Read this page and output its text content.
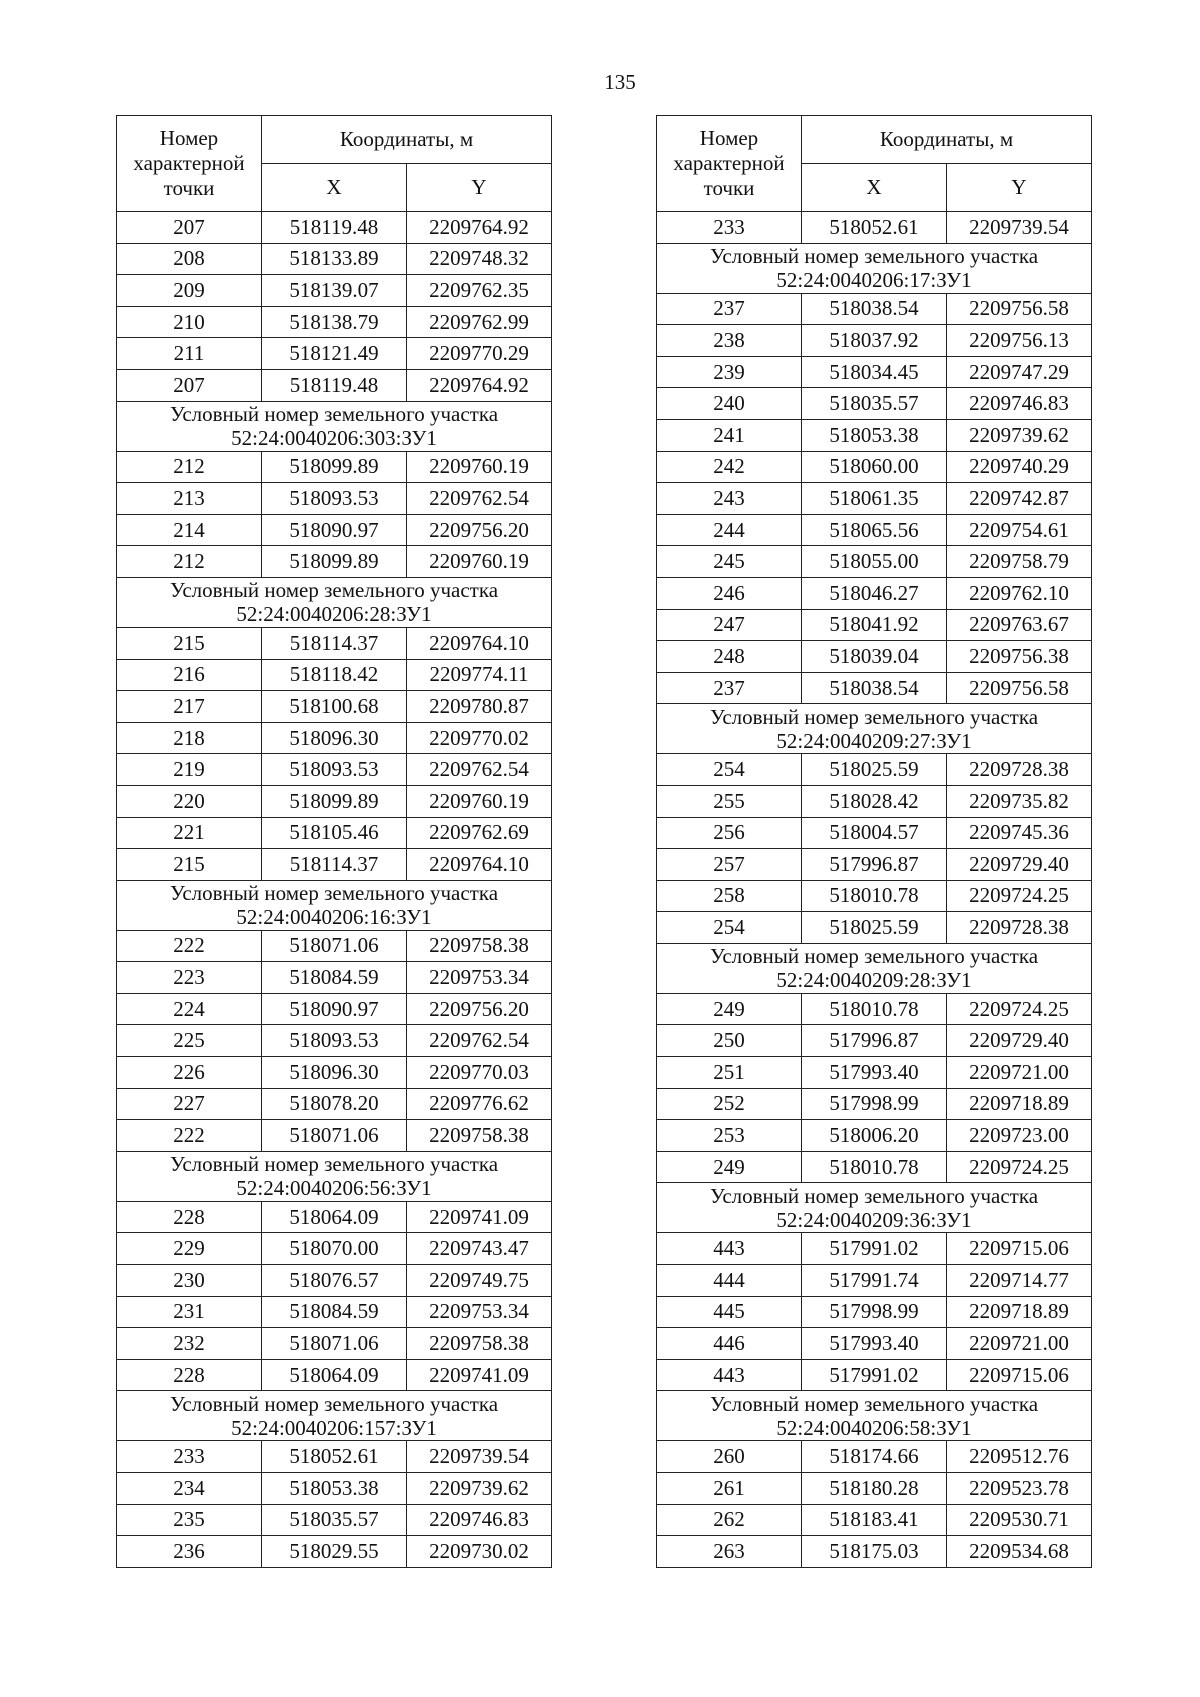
135
Номер характерной точки	Координаты, м	
	X	Y
207	518119.48	2209764.92
208	518133.89	2209748.32
209	518139.07	2209762.35
210	518138.79	2209762.99
211	518121.49	2209770.29
207	518119.48	2209764.92
Условный номер земельного участка
52:24:0040206:303:ЗУ1		
212	518099.89	2209760.19
213	518093.53	2209762.54
214	518090.97	2209756.20
212	518099.89	2209760.19
Условный номер земельного участка
52:24:0040206:28:ЗУ1		
215	518114.37	2209764.10
216	518118.42	2209774.11
217	518100.68	2209780.87
218	518096.30	2209770.02
219	518093.53	2209762.54
220	518099.89	2209760.19
221	518105.46	2209762.69
215	518114.37	2209764.10
Условный номер земельного участка
52:24:0040206:16:ЗУ1		
222	518071.06	2209758.38
223	518084.59	2209753.34
224	518090.97	2209756.20
225	518093.53	2209762.54
226	518096.30	2209770.03
227	518078.20	2209776.62
222	518071.06	2209758.38
Условный номер земельного участка
52:24:0040206:56:ЗУ1		
228	518064.09	2209741.09
229	518070.00	2209743.47
230	518076.57	2209749.75
231	518084.59	2209753.34
232	518071.06	2209758.38
228	518064.09	2209741.09
Условный номер земельного участка
52:24:0040206:157:ЗУ1		
233	518052.61	2209739.54
234	518053.38	2209739.62
235	518035.57	2209746.83
236	518029.55	2209730.02
Номер характерной точки	Координаты, м	
	X	Y
233	518052.61	2209739.54
Условный номер земельного участка
52:24:0040206:17:ЗУ1		
237	518038.54	2209756.58
238	518037.92	2209756.13
239	518034.45	2209747.29
240	518035.57	2209746.83
241	518053.38	2209739.62
242	518060.00	2209740.29
243	518061.35	2209742.87
244	518065.56	2209754.61
245	518055.00	2209758.79
246	518046.27	2209762.10
247	518041.92	2209763.67
248	518039.04	2209756.38
237	518038.54	2209756.58
Условный номер земельного участка
52:24:0040209:27:ЗУ1		
254	518025.59	2209728.38
255	518028.42	2209735.82
256	518004.57	2209745.36
257	517996.87	2209729.40
258	518010.78	2209724.25
254	518025.59	2209728.38
Условный номер земельного участка
52:24:0040209:28:ЗУ1		
249	518010.78	2209724.25
250	517996.87	2209729.40
251	517993.40	2209721.00
252	517998.99	2209718.89
253	518006.20	2209723.00
249	518010.78	2209724.25
Условный номер земельного участка
52:24:0040209:36:ЗУ1		
443	517991.02	2209715.06
444	517991.74	2209714.77
445	517998.99	2209718.89
446	517993.40	2209721.00
443	517991.02	2209715.06
Условный номер земельного участка
52:24:0040206:58:ЗУ1		
260	518174.66	2209512.76
261	518180.28	2209523.78
262	518183.41	2209530.71
263	518175.03	2209534.68
